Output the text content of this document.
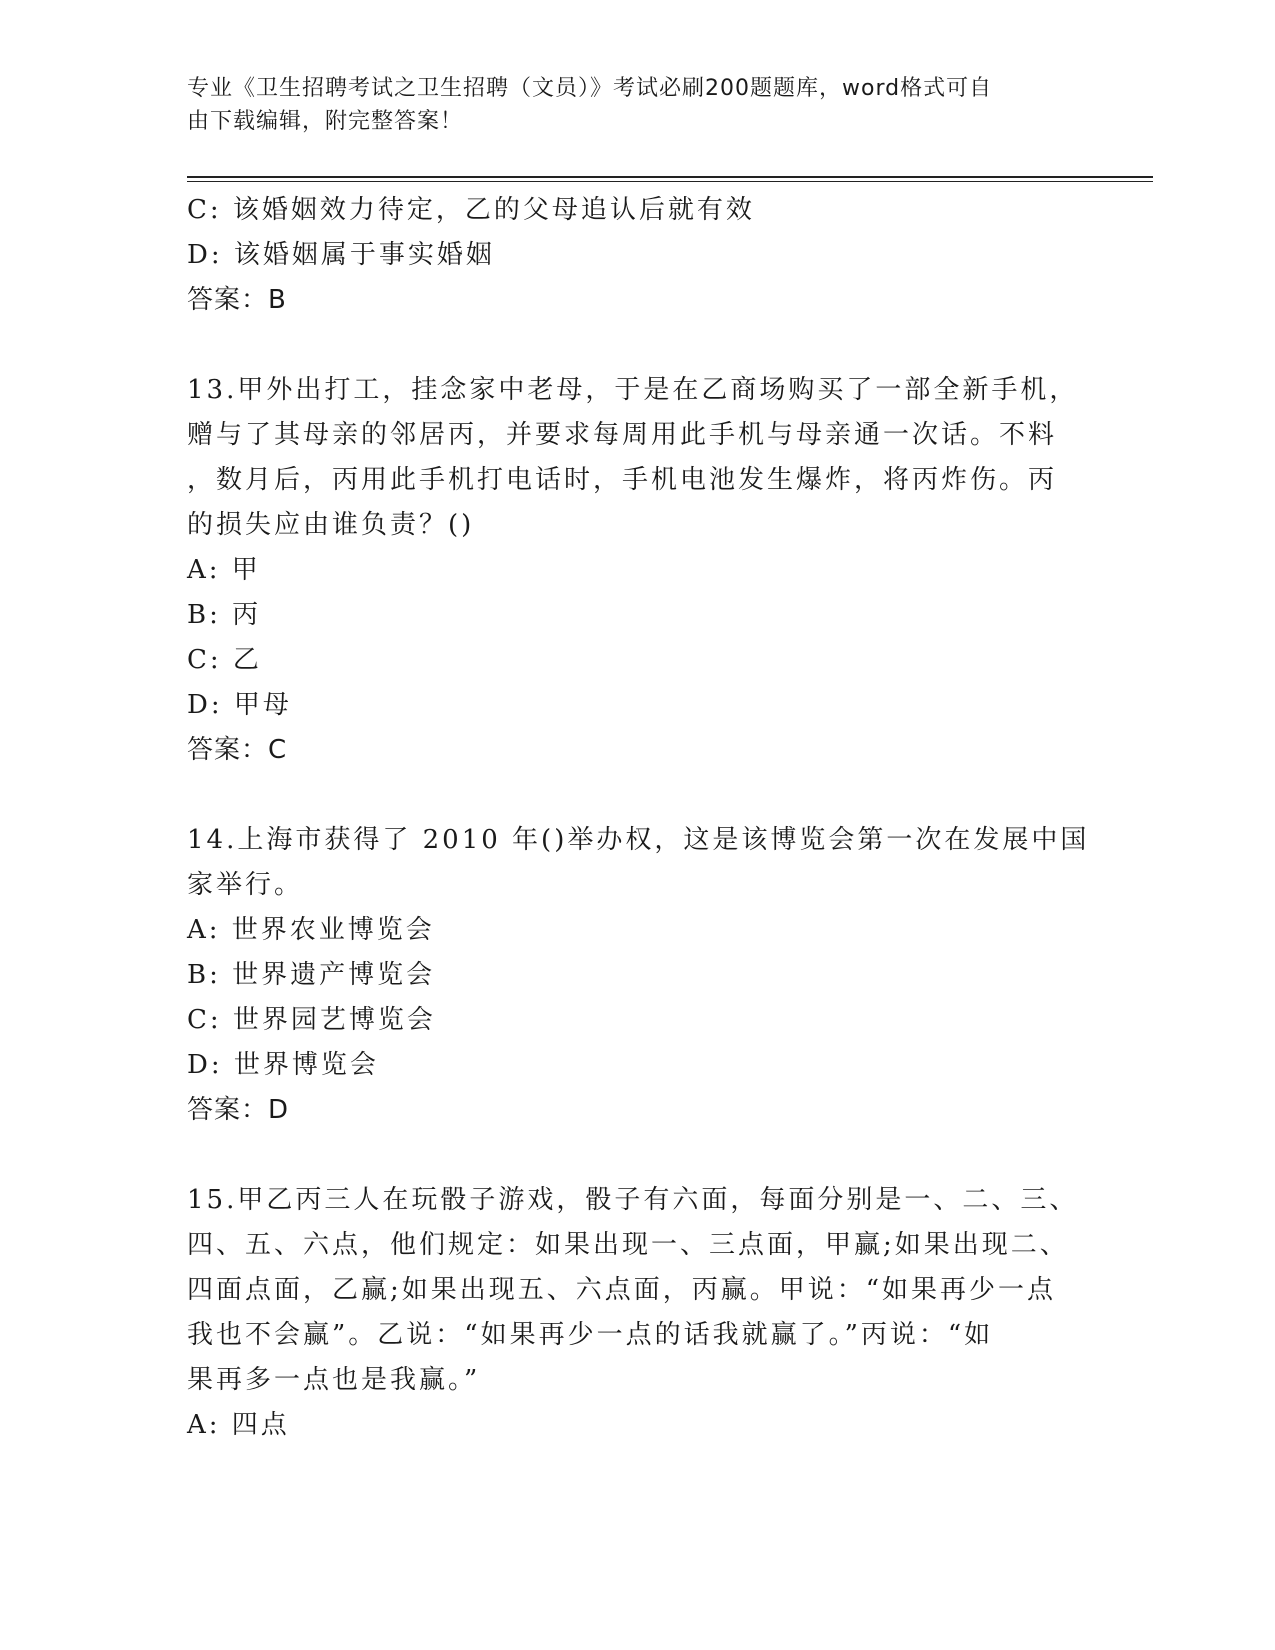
专业《卫生招聘考试之卫生招聘（文员）》考试必刷200题题库，word格式可自
由下载编辑，附完整答案！
C: 该婚姻效力待定，乙的父母追认后就有效
D: 该婚姻属于事实婚姻
答案：B
13.甲外出打工，挂念家中老母，于是在乙商场购买了一部全新手机，
赠与了其母亲的邻居丙，并要求每周用此手机与母亲通一次话。不料
，数月后，丙用此手机打电话时，手机电池发生爆炸，将丙炸伤。丙
的损失应由谁负责？()
A: 甲
B: 丙
C: 乙
D: 甲母
答案：C
14.上海市获得了 2010 年()举办权，这是该博览会第一次在发展中国
家举行。
A: 世界农业博览会
B: 世界遗产博览会
C: 世界园艺博览会
D: 世界博览会
答案：D
15.甲乙丙三人在玩骰子游戏，骰子有六面，每面分别是一、二、三、
四、五、六点，他们规定：如果出现一、三点面，甲赢;如果出现二、
四面点面，乙赢;如果出现五、六点面，丙赢。甲说：“如果再少一点
我也不会赢”。乙说：“如果再少一点的话我就赢了。”丙说：“如
果再多一点也是我赢。”
A: 四点
